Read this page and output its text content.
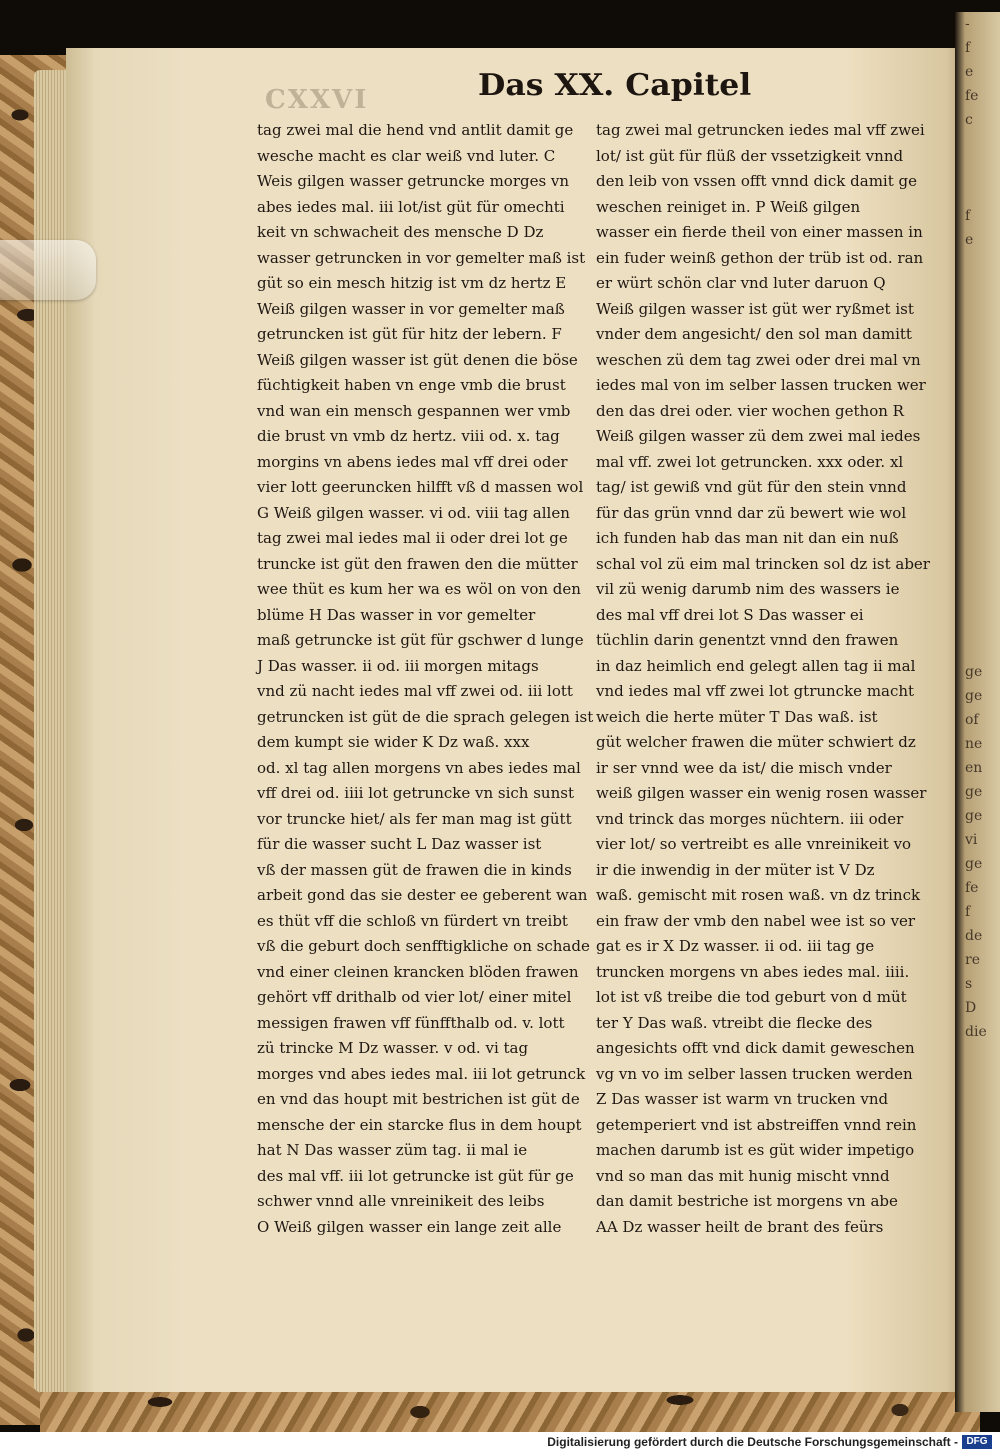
-
f
e
fe
c

f
e

ge
ge
of
ne
en
ge
ge
vi
ge
fe
f
de
re
s
D
die

CXXVI	Das XX. Capitel
tag zwei mal die hend vnd antlit damit ge
wesche macht es clar weiß vnd luter. C
Weis gilgen wasser getruncke morges vn
abes iedes mal. iii lot/ist güt für omechti
keit vn schwacheit des mensche D Dz
wasser getruncken in vor gemelter maß ist
güt so ein mesch hitzig ist vm dz hertz E
Weiß gilgen wasser in vor gemelter maß
getruncken ist güt für hitz der lebern. F
Weiß gilgen wasser ist güt denen die böse
füchtigkeit haben vn enge vmb die brust
vnd wan ein mensch gespannen wer vmb
die brust vn vmb dz hertz. viii od. x. tag
morgins vn abens iedes mal vff drei oder
vier lott geeruncken hilfft vß d massen wol
G Weiß gilgen wasser. vi od. viii tag allen
tag zwei mal iedes mal ii oder drei lot ge
truncke ist güt den frawen den die mütter
wee thüt es kum her wa es wöl on von den
blüme H Das wasser in vor gemelter
maß getruncke ist güt für gschwer d lunge
J Das wasser. ii od. iii morgen mitags
vnd zü nacht iedes mal vff zwei od. iii lott
getruncken ist güt de die sprach gelegen ist
dem kumpt sie wider K Dz waß. xxx
od. xl tag allen morgens vn abes iedes mal
vff drei od. iiii lot getruncke vn sich sunst
vor truncke hiet/ als fer man mag ist gütt
für die wasser sucht L Daz wasser ist
vß der massen güt de frawen die in kinds
arbeit gond das sie dester ee geberent wan
es thüt vff die schloß vn fürdert vn treibt
vß die geburt doch senfftigkliche on schade
vnd einer cleinen krancken blöden frawen
gehört vff drithalb od vier lot/ einer mitel
messigen frawen vff fünffthalb od. v. lott
zü trincke M Dz wasser. v od. vi tag
morges vnd abes iedes mal. iii lot getrunck
en vnd das houpt mit bestrichen ist güt de
mensche der ein starcke flus in dem houpt
hat N Das wasser züm tag. ii mal ie
des mal vff. iii lot getruncke ist güt für ge
schwer vnnd alle vnreinikeit des leibs
O Weiß gilgen wasser ein lange zeit alle
tag zwei mal getruncken iedes mal vff zwei
lot/ ist güt für flüß der vssetzigkeit vnnd
den leib von vssen offt vnnd dick damit ge
weschen reiniget in. P Weiß gilgen
wasser ein fierde theil von einer massen in
ein fuder weinß gethon der trüb ist od. ran
er würt schön clar vnd luter daruon Q
Weiß gilgen wasser ist güt wer ryßmet ist
vnder dem angesicht/ den sol man damitt
weschen zü dem tag zwei oder drei mal vn
iedes mal von im selber lassen trucken wer
den das drei oder. vier wochen gethon R
Weiß gilgen wasser zü dem zwei mal iedes
mal vff. zwei lot getruncken. xxx oder. xl
tag/ ist gewiß vnd güt für den stein vnnd
für das grün vnnd dar zü bewert wie wol
ich funden hab das man nit dan ein nuß
schal vol zü eim mal trincken sol dz ist aber
vil zü wenig darumb nim des wassers ie
des mal vff drei lot S Das wasser ei
tüchlin darin genentzt vnnd den frawen
in daz heimlich end gelegt allen tag ii mal
vnd iedes mal vff zwei lot gtruncke macht
weich die herte müter T Das waß. ist
güt welcher frawen die müter schwiert dz
ir ser vnnd wee da ist/ die misch vnder
weiß gilgen wasser ein wenig rosen wasser
vnd trinck das morges nüchtern. iii oder
vier lot/ so vertreibt es alle vnreinikeit vo
ir die inwendig in der müter ist V Dz
waß. gemischt mit rosen waß. vn dz trinck
ein fraw der vmb den nabel wee ist so ver
gat es ir X Dz wasser. ii od. iii tag ge
truncken morgens vn abes iedes mal. iiii.
lot ist vß treibe die tod geburt von d müt
ter Y Das waß. vtreibt die flecke des
angesichts offt vnd dick damit geweschen
vg vn vo im selber lassen trucken werden
Z Das wasser ist warm vn trucken vnd
getemperiert vnd ist abstreiffen vnnd rein
machen darumb ist es güt wider impetigo
vnd so man das mit hunig mischt vnnd
dan damit bestriche ist morgens vn abe
AA Dz wasser heilt de brant des feürs
Digitalisierung gefördert durch die Deutsche Forschungsgemeinschaft - DFG
